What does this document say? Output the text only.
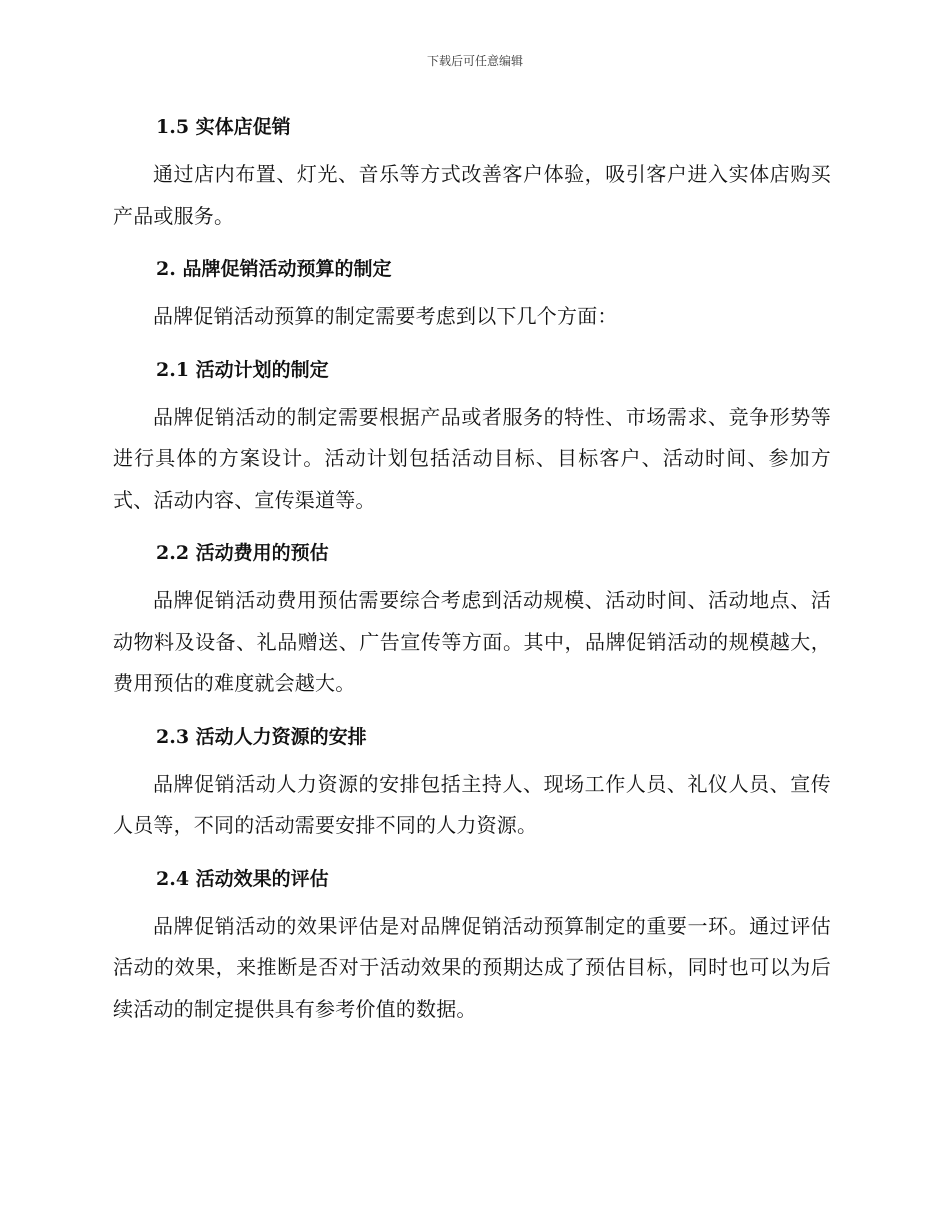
下载后可任意编辑
1.5 实体店促销

通过店内布置、灯光、音乐等方式改善客户体验，吸引客户进入实体店购买产品或服务。

2. 品牌促销活动预算的制定

品牌促销活动预算的制定需要考虑到以下几个方面：

2.1 活动计划的制定

品牌促销活动的制定需要根据产品或者服务的特性、市场需求、竞争形势等进行具体的方案设计。活动计划包括活动目标、目标客户、活动时间、参加方式、活动内容、宣传渠道等。

2.2 活动费用的预估

品牌促销活动费用预估需要综合考虑到活动规模、活动时间、活动地点、活动物料及设备、礼品赠送、广告宣传等方面。其中，品牌促销活动的规模越大，费用预估的难度就会越大。

2.3 活动人力资源的安排

品牌促销活动人力资源的安排包括主持人、现场工作人员、礼仪人员、宣传人员等，不同的活动需要安排不同的人力资源。

2.4 活动效果的评估

品牌促销活动的效果评估是对品牌促销活动预算制定的重要一环。通过评估活动的效果，来推断是否对于活动效果的预期达成了预估目标，同时也可以为后续活动的制定提供具有参考价值的数据。
